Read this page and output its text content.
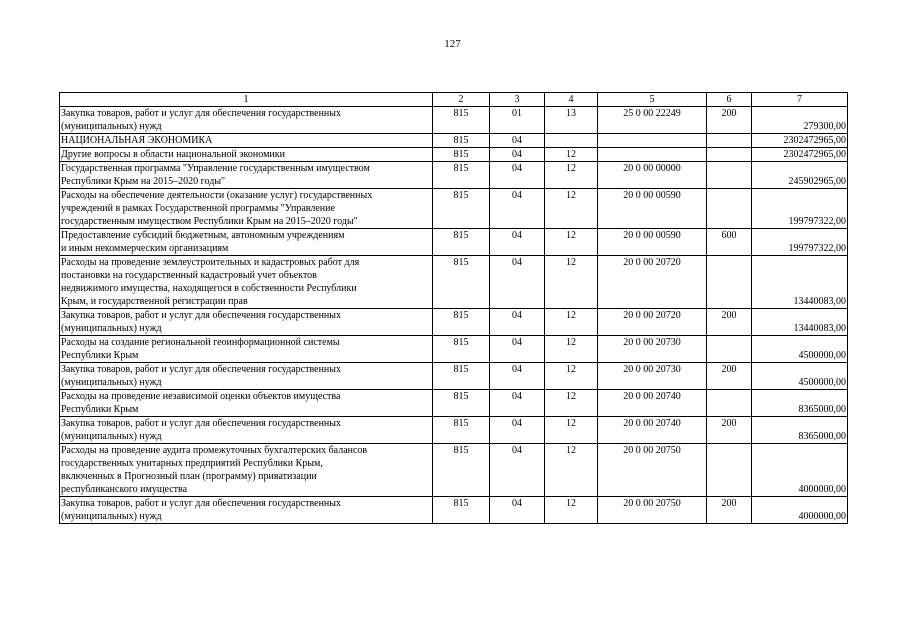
127
1	2	3	4	5	6	7

Закупка товаров, работ и услуг для обеспечения государственных
(муниципальных) нужд	815	01	13	25 0 00 22249	200	279300,00

НАЦИОНАЛЬНАЯ ЭКОНОМИКА	815	04				2302472965,00

Другие вопросы в области национальной экономики	815	04	12			2302472965,00

Государственная программа "Управление государственным имуществом
Республики Крым на 2015–2020 годы"	815	04	12	20 0 00 00000		245902965,00

Расходы на обеспечение деятельности (оказание услуг) государственных
учреждений в рамках Государственной программы "Управление
государственным имуществом Республики Крым на 2015–2020 годы"	815	04	12	20 0 00 00590		199797322,00

Предоставление субсидий бюджетным, автономным учреждениям
и иным некоммерческим организациям	815	04	12	20 0 00 00590	600	199797322,00

Расходы на проведение землеустроительных и кадастровых работ для
постановки на государственный кадастровый учет объектов
недвижимого имущества, находящегося в собственности Республики
Крым, и государственной регистрации прав	815	04	12	20 0 00 20720		13440083,00

Закупка товаров, работ и услуг для обеспечения государственных
(муниципальных) нужд	815	04	12	20 0 00 20720	200	13440083,00

Расходы на создание региональной геоинформационной системы
Республики Крым	815	04	12	20 0 00 20730		4500000,00

Закупка товаров, работ и услуг для обеспечения государственных
(муниципальных) нужд	815	04	12	20 0 00 20730	200	4500000,00

Расходы на проведение независимой оценки объектов имущества
Республики Крым	815	04	12	20 0 00 20740		8365000,00

Закупка товаров, работ и услуг для обеспечения государственных
(муниципальных) нужд	815	04	12	20 0 00 20740	200	8365000,00

Расходы на проведение аудита промежуточных бухгалтерских балансов
государственных унитарных предприятий Республики Крым,
включенных в Прогнозный план (программу) приватизации
республиканского имущества	815	04	12	20 0 00 20750		4000000,00

Закупка товаров, работ и услуг для обеспечения государственных
(муниципальных) нужд	815	04	12	20 0 00 20750	200	4000000,00
